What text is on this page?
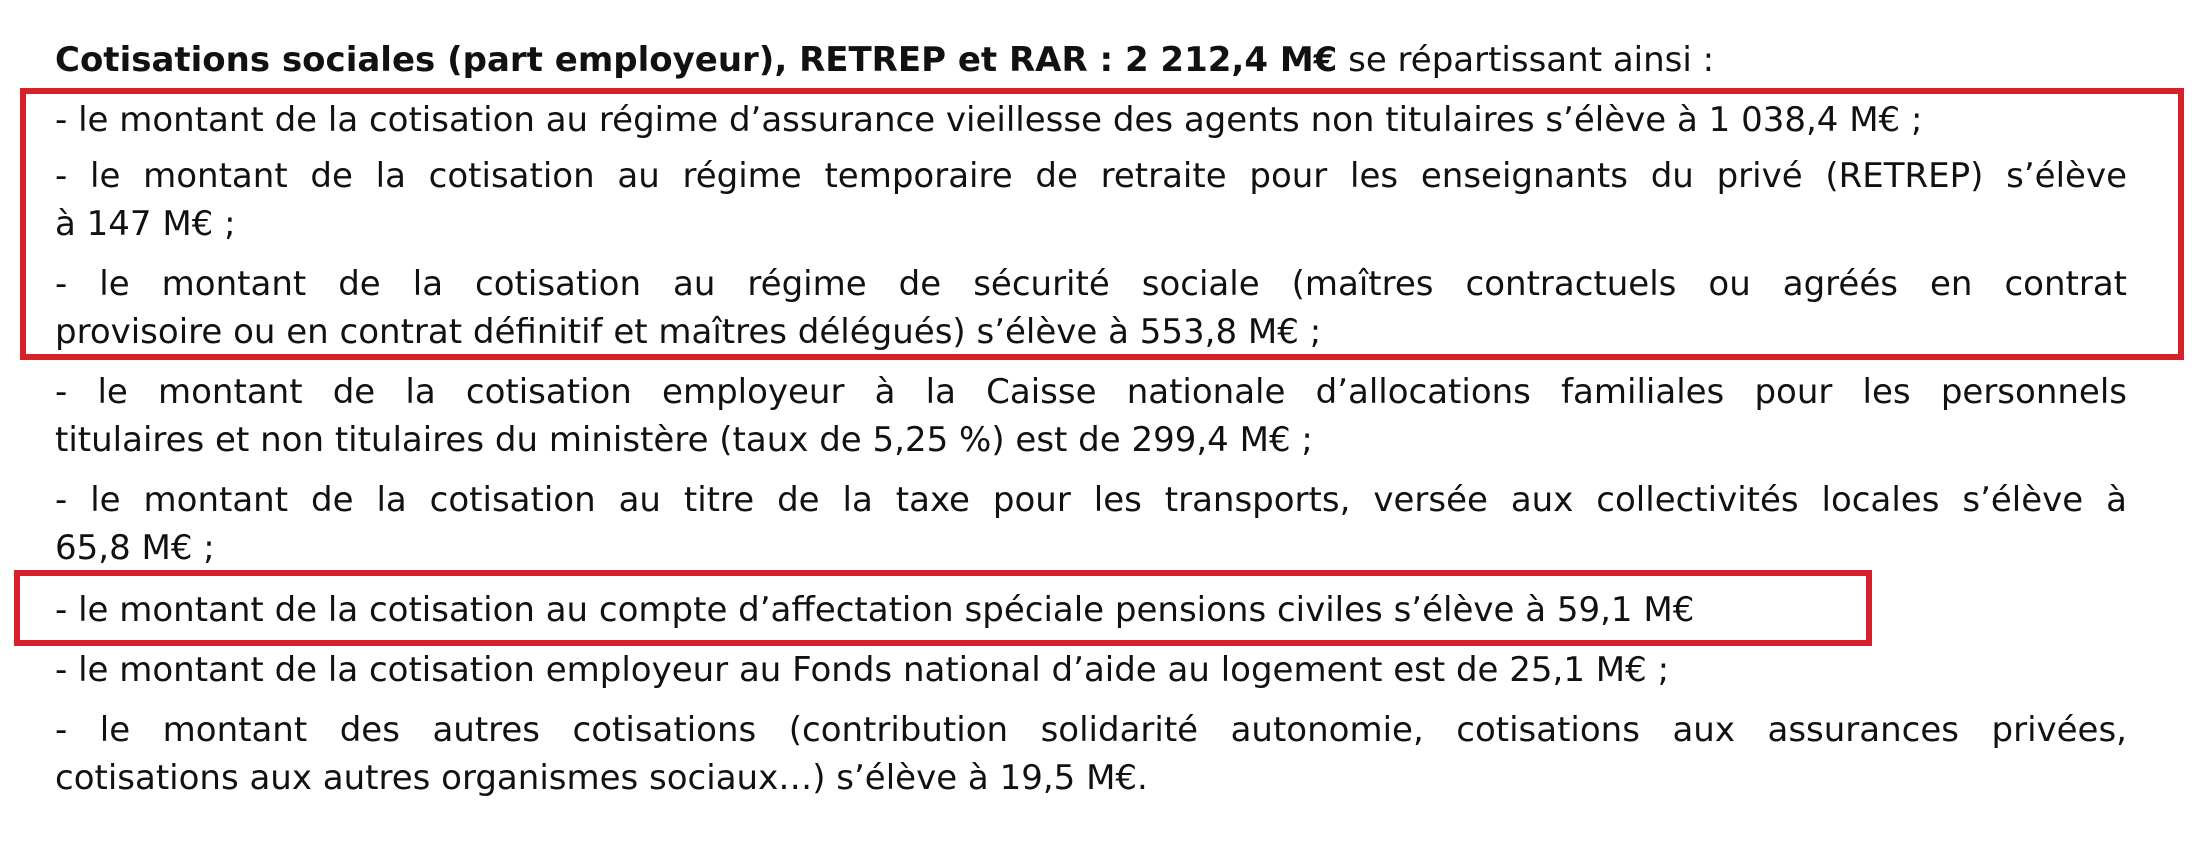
Cotisations sociales (part employeur), RETREP et RAR : 2 212,4 M€ se répartissant ainsi :
- le montant de la cotisation au régime d’assurance vieillesse des agents non titulaires s’élève à 1 038,4 M€ ;
- le montant de la cotisation au régime temporaire de retraite pour les enseignants du privé (RETREP) s’élève
à 147 M€ ;
- le montant de la cotisation au régime de sécurité sociale (maîtres contractuels ou agréés en contrat
provisoire ou en contrat définitif et maîtres délégués) s’élève à 553,8 M€ ;
- le montant de la cotisation employeur à la Caisse nationale d’allocations familiales pour les personnels
titulaires et non titulaires du ministère (taux de 5,25 %) est de 299,4 M€ ;
- le montant de la cotisation au titre de la taxe pour les transports, versée aux collectivités locales s’élève à
65,8 M€ ;
- le montant de la cotisation au compte d’affectation spéciale pensions civiles s’élève à 59,1 M€
- le montant de la cotisation employeur au Fonds national d’aide au logement est de 25,1 M€ ;
- le montant des autres cotisations (contribution solidarité autonomie, cotisations aux assurances privées,
cotisations aux autres organismes sociaux…) s’élève à 19,5 M€.
